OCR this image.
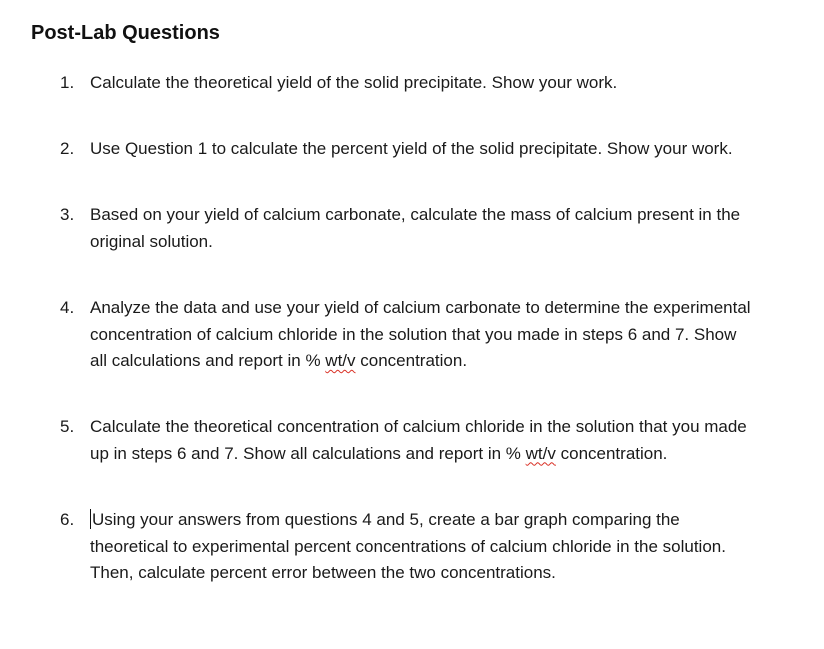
Post-Lab Questions
1. Calculate the theoretical yield of the solid precipitate. Show your work.
2. Use Question 1 to calculate the percent yield of the solid precipitate. Show your work.
3. Based on your yield of calcium carbonate, calculate the mass of calcium present in the
original solution.
4. Analyze the data and use your yield of calcium carbonate to determine the experimental
concentration of calcium chloride in the solution that you made in steps 6 and 7. Show
all calculations and report in % wt/v concentration.
5. Calculate the theoretical concentration of calcium chloride in the solution that you made
up in steps 6 and 7. Show all calculations and report in % wt/v concentration.
6. Using your answers from questions 4 and 5, create a bar graph comparing the
theoretical to experimental percent concentrations of calcium chloride in the solution.
Then, calculate percent error between the two concentrations.
